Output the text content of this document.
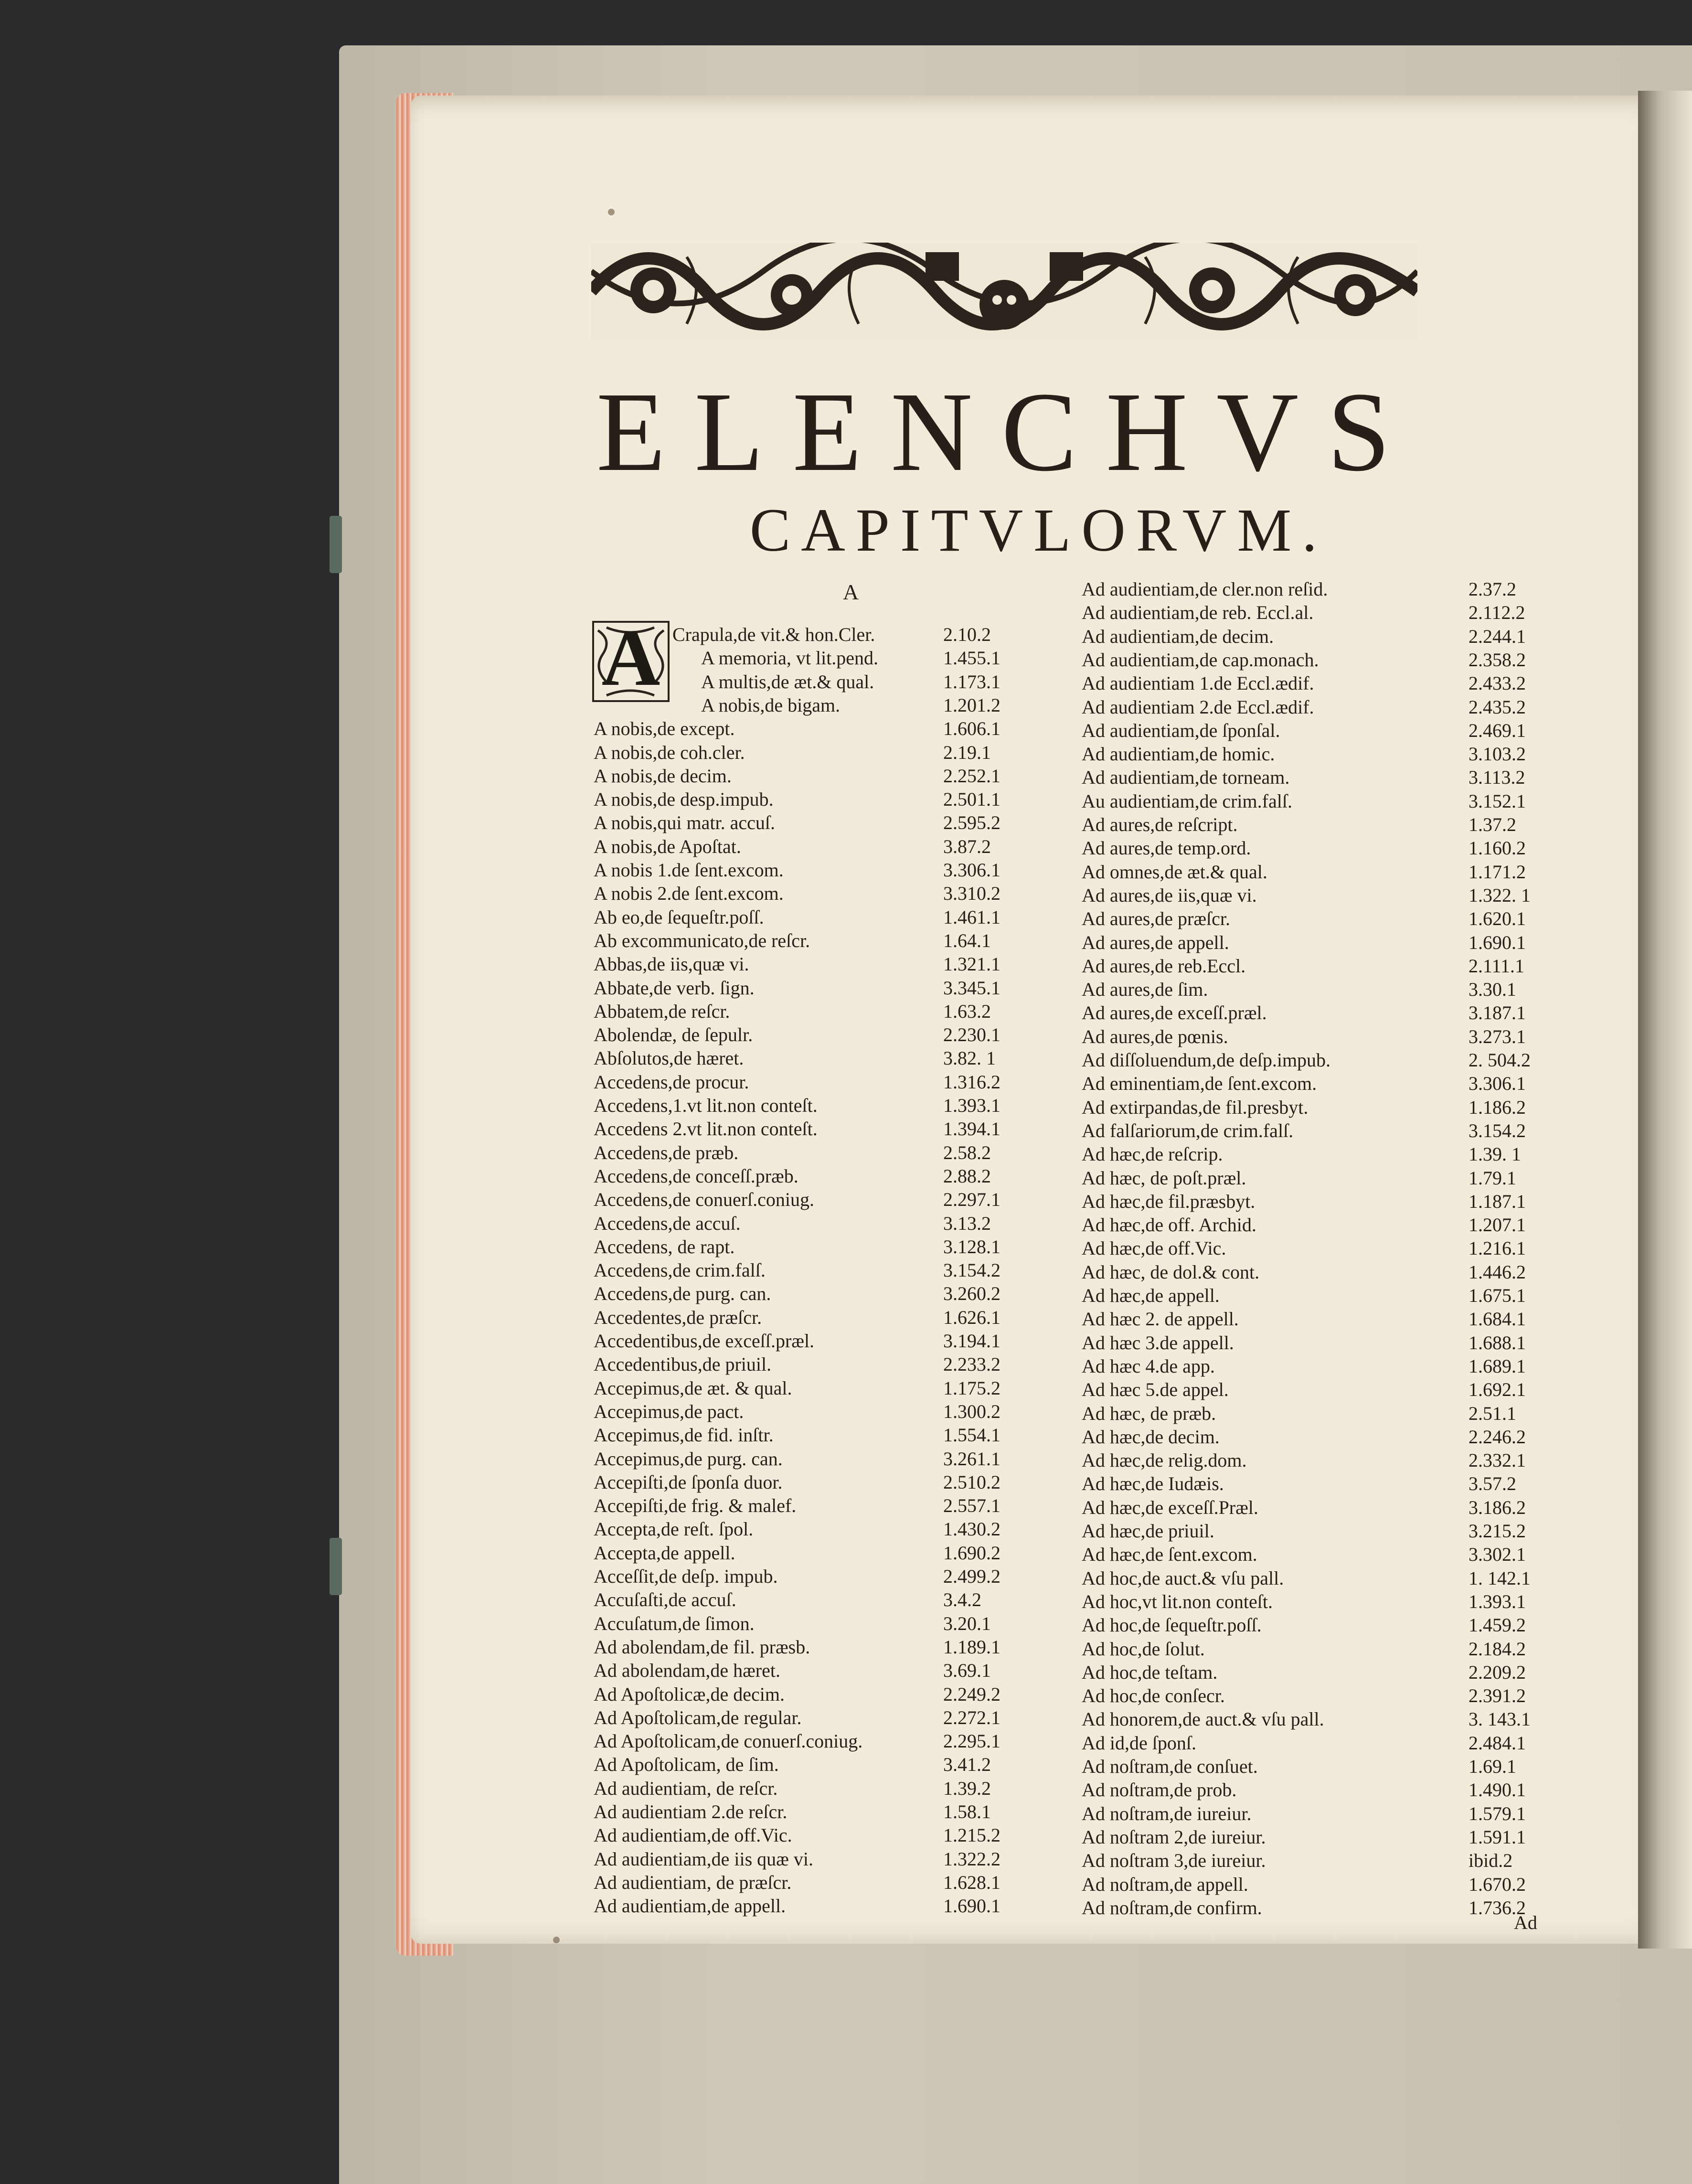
ELENCHVS
CAPITVLORVM.
A
A Crapula,de vit.& hon.Cler.	2.10.2
A memoria, vt lit.pend.	1.455.1
A multis,de æt.& qual.	1.173.1
A nobis,de bigam.	1.201.2
A nobis,de except.	1.606.1
A nobis,de coh.cler.	2.19.1
A nobis,de decim.	2.252.1
A nobis,de desp.impub.	2.501.1
A nobis,qui matr. accuſ.	2.595.2
A nobis,de Apoſtat.	3.87.2
A nobis 1.de ſent.excom.	3.306.1
A nobis 2.de ſent.excom.	3.310.2
Ab eo,de ſequeſtr.poſſ.	1.461.1
Ab excommunicato,de reſcr.	1.64.1
Abbas,de iis,quæ vi.	1.321.1
Abbate,de verb. ſign.	3.345.1
Abbatem,de reſcr.	1.63.2
Abolendæ, de ſepulr.	2.230.1
Abſolutos,de hæret.	3.82. 1
Accedens,de procur.	1.316.2
Accedens,1.vt lit.non conteſt.	1.393.1
Accedens 2.vt lit.non conteſt.	1.394.1
Accedens,de præb.	2.58.2
Accedens,de conceſſ.præb.	2.88.2
Accedens,de conuerſ.coniug.	2.297.1
Accedens,de accuſ.	3.13.2
Accedens, de rapt.	3.128.1
Accedens,de crim.falſ.	3.154.2
Accedens,de purg. can.	3.260.2
Accedentes,de præſcr.	1.626.1
Accedentibus,de exceſſ.præl.	3.194.1
Accedentibus,de priuil.	2.233.2
Accepimus,de æt. & qual.	1.175.2
Accepimus,de pact.	1.300.2
Accepimus,de fid. inſtr.	1.554.1
Accepimus,de purg. can.	3.261.1
Accepiſti,de ſponſa duor.	2.510.2
Accepiſti,de frig. & malef.	2.557.1
Accepta,de reſt. ſpol.	1.430.2
Accepta,de appell.	1.690.2
Acceſſit,de deſp. impub.	2.499.2
Accuſaſti,de accuſ.	3.4.2
Accuſatum,de ſimon.	3.20.1
Ad abolendam,de fil. præsb.	1.189.1
Ad abolendam,de hæret.	3.69.1
Ad Apoſtolicæ,de decim.	2.249.2
Ad Apoſtolicam,de regular.	2.272.1
Ad Apoſtolicam,de conuerſ.coniug.	2.295.1
Ad Apoſtolicam, de ſim.	3.41.2
Ad audientiam, de reſcr.	1.39.2
Ad audientiam 2.de reſcr.	1.58.1
Ad audientiam,de off.Vic.	1.215.2
Ad audientiam,de iis quæ vi.	1.322.2
Ad audientiam, de præſcr.	1.628.1
Ad audientiam,de appell.	1.690.1
Ad audientiam,de cler.non reſid.	2.37.2
Ad audientiam,de reb. Eccl.al.	2.112.2
Ad audientiam,de decim.	2.244.1
Ad audientiam,de cap.monach.	2.358.2
Ad audientiam 1.de Eccl.ædif.	2.433.2
Ad audientiam 2.de Eccl.ædif.	2.435.2
Ad audientiam,de ſponſal.	2.469.1
Ad audientiam,de homic.	3.103.2
Ad audientiam,de torneam.	3.113.2
Au audientiam,de crim.falſ.	3.152.1
Ad aures,de reſcript.	1.37.2
Ad aures,de temp.ord.	1.160.2
Ad omnes,de æt.& qual.	1.171.2
Ad aures,de iis,quæ vi.	1.322. 1
Ad aures,de præſcr.	1.620.1
Ad aures,de appell.	1.690.1
Ad aures,de reb.Eccl.	2.111.1
Ad aures,de ſim.	3.30.1
Ad aures,de exceſſ.præl.	3.187.1
Ad aures,de pœnis.	3.273.1
Ad diſſoluendum,de deſp.impub.	2. 504.2
Ad eminentiam,de ſent.excom.	3.306.1
Ad extirpandas,de fil.presbyt.	1.186.2
Ad falſariorum,de crim.falſ.	3.154.2
Ad hæc,de reſcrip.	1.39. 1
Ad hæc, de poſt.præl.	1.79.1
Ad hæc,de fil.præsbyt.	1.187.1
Ad hæc,de off. Archid.	1.207.1
Ad hæc,de off.Vic.	1.216.1
Ad hæc, de dol.& cont.	1.446.2
Ad hæc,de appell.	1.675.1
Ad hæc 2. de appell.	1.684.1
Ad hæc 3.de appell.	1.688.1
Ad hæc 4.de app.	1.689.1
Ad hæc 5.de appel.	1.692.1
Ad hæc, de præb.	2.51.1
Ad hæc,de decim.	2.246.2
Ad hæc,de relig.dom.	2.332.1
Ad hæc,de Iudæis.	3.57.2
Ad hæc,de exceſſ.Præl.	3.186.2
Ad hæc,de priuil.	3.215.2
Ad hæc,de ſent.excom.	3.302.1
Ad hoc,de auct.& vſu pall.	1. 142.1
Ad hoc,vt lit.non conteſt.	1.393.1
Ad hoc,de ſequeſtr.poſſ.	1.459.2
Ad hoc,de ſolut.	2.184.2
Ad hoc,de teſtam.	2.209.2
Ad hoc,de conſecr.	2.391.2
Ad honorem,de auct.& vſu pall.	3. 143.1
Ad id,de ſponſ.	2.484.1
Ad noſtram,de conſuet.	1.69.1
Ad noſtram,de prob.	1.490.1
Ad noſtram,de iureiur.	1.579.1
Ad noſtram 2,de iureiur.	1.591.1
Ad noſtram 3,de iureiur.	ibid.2
Ad noſtram,de appell.	1.670.2
Ad noſtram,de confirm.	1.736.2
Ad
